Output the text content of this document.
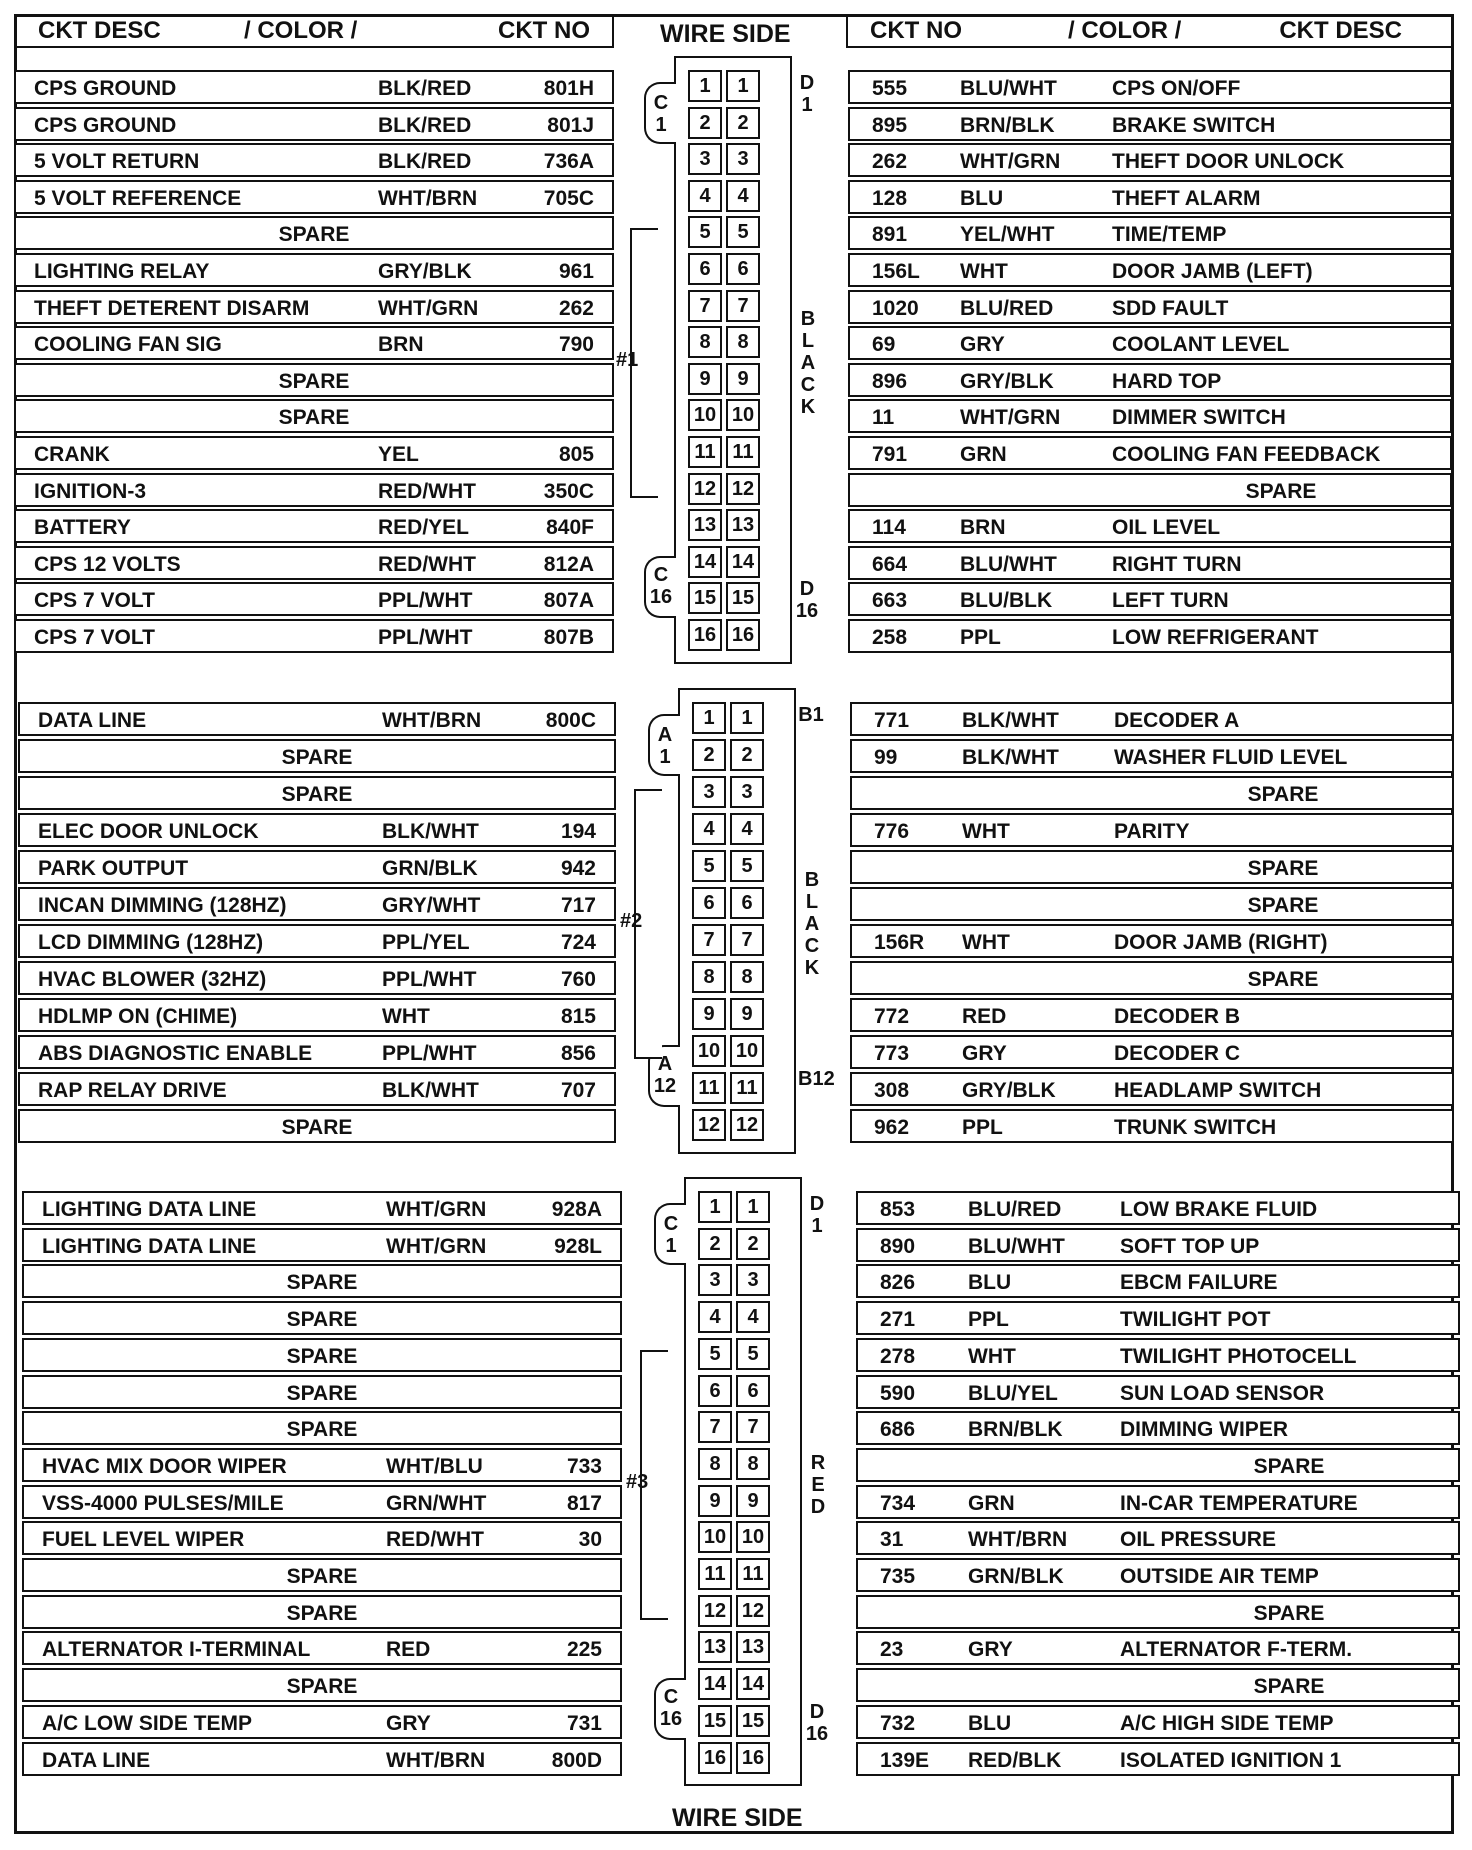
CKT DESC	/ COLOR /	CKT NO	WIRE SIDE	CKT NO	/ COLOR /	CKT DESC
CPS GROUND	BLK/RED	801H
CPS GROUND	BLK/RED	801J
5 VOLT RETURN	BLK/RED	736A
5 VOLT REFERENCE	WHT/BRN	705C
SPARE
LIGHTING RELAY	GRY/BLK	961
THEFT DETERENT DISARM	WHT/GRN	262
COOLING FAN SIG	BRN	790
SPARE
SPARE
CRANK	YEL	805
IGNITION-3	RED/WHT	350C
BATTERY	RED/YEL	840F
CPS 12 VOLTS	RED/WHT	812A
CPS 7 VOLT	PPL/WHT	807A
CPS 7 VOLT	PPL/WHT	807B
555	BLU/WHT	CPS ON/OFF
895	BRN/BLK	BRAKE SWITCH
262	WHT/GRN THEFT DOOR UNLOCK
128	BLU	THEFT ALARM
891	YEL/WHT	TIME/TEMP
156L WHT	DOOR JAMB (LEFT)
1020 BLU/RED	SDD FAULT
69	GRY	COOLANT LEVEL
896	GRY/BLK	HARD TOP
11	WHT/GRN DIMMER SWITCH
791	GRN	COOLING FAN FEEDBACK
SPARE
114	BRN	OIL LEVEL
664	BLU/WHT	RIGHT TURN
663	BLU/BLK	LEFT TURN
258	PPL	LOW REFRIGERANT
#1
C 1
C 16
1
2
3
4
5
6
7
8
9
10
11
12
13
14
15
16
1
2
3
4
5
6
7
8
9
10
11
12
13
14
15
16
D 1
D 16
BLACK
DATA LINE	WHT/BRN	800C
SPARE
SPARE
ELEC DOOR UNLOCK	BLK/WHT	194
PARK OUTPUT	GRN/BLK	942
INCAN DIMMING (128HZ)	GRY/WHT	717
LCD DIMMING (128HZ)	PPL/YEL	724
HVAC BLOWER (32HZ)	PPL/WHT	760
HDLMP ON (CHIME)	WHT	815
ABS DIAGNOSTIC ENABLE	PPL/WHT	856
RAP RELAY DRIVE	BLK/WHT	707
SPARE
771	BLK/WHT	DECODER A
99	BLK/WHT	WASHER FLUID LEVEL
SPARE
776	WHT	PARITY
SPARE
SPARE
156R WHT	DOOR JAMB (RIGHT)
SPARE
772	RED	DECODER B
773	GRY	DECODER C
308	GRY/BLK	HEADLAMP SWITCH
962	PPL	TRUNK SWITCH
#2
A 1
A 12
1
2
3
4
5
6
7
8
9
10
11
12
1
2
3
4
5
6
7
8
9
10
11
12
B1
B12
BLACK
LIGHTING DATA LINE	WHT/GRN	928A
LIGHTING DATA LINE	WHT/GRN	928L
SPARE
SPARE
SPARE
SPARE
SPARE
HVAC MIX DOOR WIPER	WHT/BLU	733
VSS-4000 PULSES/MILE	GRN/WHT	817
FUEL LEVEL WIPER	RED/WHT	30
SPARE
SPARE
ALTERNATOR I-TERMINAL	RED	225
SPARE
A/C LOW SIDE TEMP	GRY	731
DATA LINE	WHT/BRN	800D
853	BLU/RED	LOW BRAKE FLUID
890	BLU/WHT	SOFT TOP UP
826	BLU	EBCM FAILURE
271	PPL	TWILIGHT POT
278	WHT	TWILIGHT PHOTOCELL
590	BLU/YEL	SUN LOAD SENSOR
686	BRN/BLK	DIMMING WIPER
SPARE
734	GRN	IN-CAR TEMPERATURE
31	WHT/BRN	OIL PRESSURE
735	GRN/BLK	OUTSIDE AIR TEMP
SPARE
23	GRY	ALTERNATOR F-TERM.
SPARE
732	BLU	A/C HIGH SIDE TEMP
139E RED/BLK	ISOLATED IGNITION 1
#3
C 1
C 16
1
2
3
4
5
6
7
8
9
10
11
12
13
14
15
16
1
2
3
4
5
6
7
8
9
10
11
12
13
14
15
16
D 1
D 16
RED
WIRE SIDE
